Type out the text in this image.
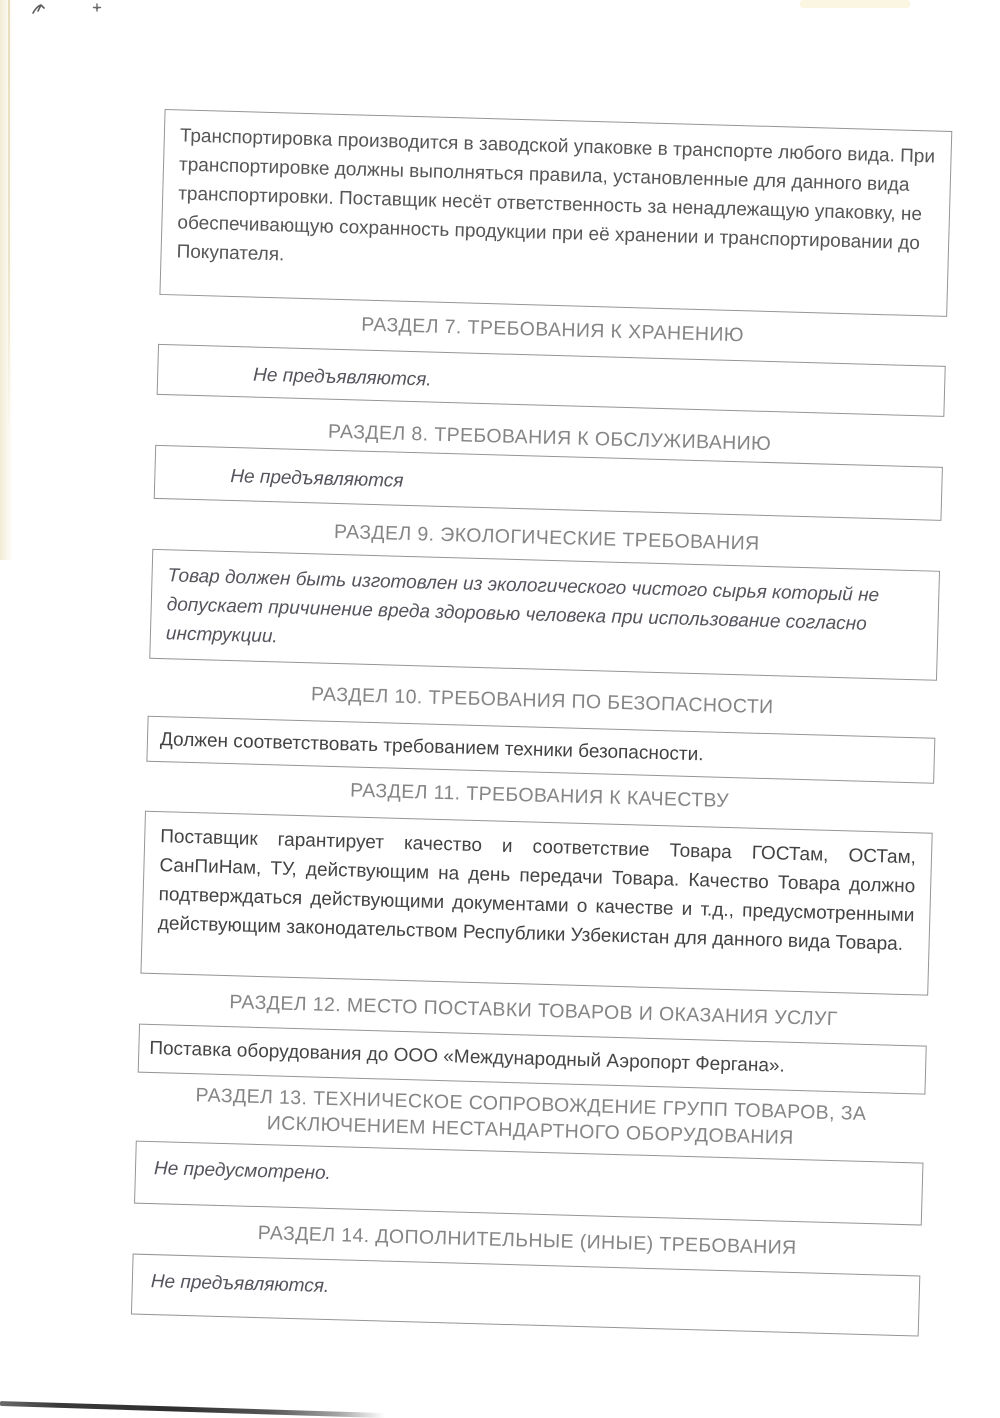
Транспортировка производится в заводской упаковке в транспорте любого вида. При транспортировке должны выполняться правила, установленные для данного вида транспортировки. Поставщик несёт ответственность за ненадлежащую упаковку, не обеспечивающую сохранность продукции при её хранении и транспортировании до Покупателя.
РАЗДЕЛ 7. ТРЕБОВАНИЯ К ХРАНЕНИЮ
Не предъявляются.
РАЗДЕЛ 8. ТРЕБОВАНИЯ К ОБСЛУЖИВАНИЮ
Не предъявляются
РАЗДЕЛ 9. ЭКОЛОГИЧЕСКИЕ ТРЕБОВАНИЯ
Товар должен быть изготовлен из экологического чистого сырья который не допускает причинение вреда здоровью человека при использование согласно инструкции.
РАЗДЕЛ 10. ТРЕБОВАНИЯ ПО БЕЗОПАСНОСТИ
Должен соответствовать требованием техники безопасности.
РАЗДЕЛ 11. ТРЕБОВАНИЯ К КАЧЕСТВУ
Поставщик гарантирует качество и соответствие Товара ГОСТам, ОСТам, СанПиНам, ТУ, действующим на день передачи Товара. Качество Товара должно подтверждаться действующими документами о качестве и т.д., предусмотренными действующим законодательством Республики Узбекистан для данного вида Товара.
РАЗДЕЛ 12. МЕСТО ПОСТАВКИ ТОВАРОВ И ОКАЗАНИЯ УСЛУГ
Поставка оборудования до ООО «Международный Аэропорт Фергана».
РАЗДЕЛ 13. ТЕХНИЧЕСКОЕ СОПРОВОЖДЕНИЕ ГРУПП ТОВАРОВ, ЗА ИСКЛЮЧЕНИЕМ НЕСТАНДАРТНОГО ОБОРУДОВАНИЯ
Не предусмотрено.
РАЗДЕЛ 14. ДОПОЛНИТЕЛЬНЫЕ (ИНЫЕ) ТРЕБОВАНИЯ
Не предъявляются.
